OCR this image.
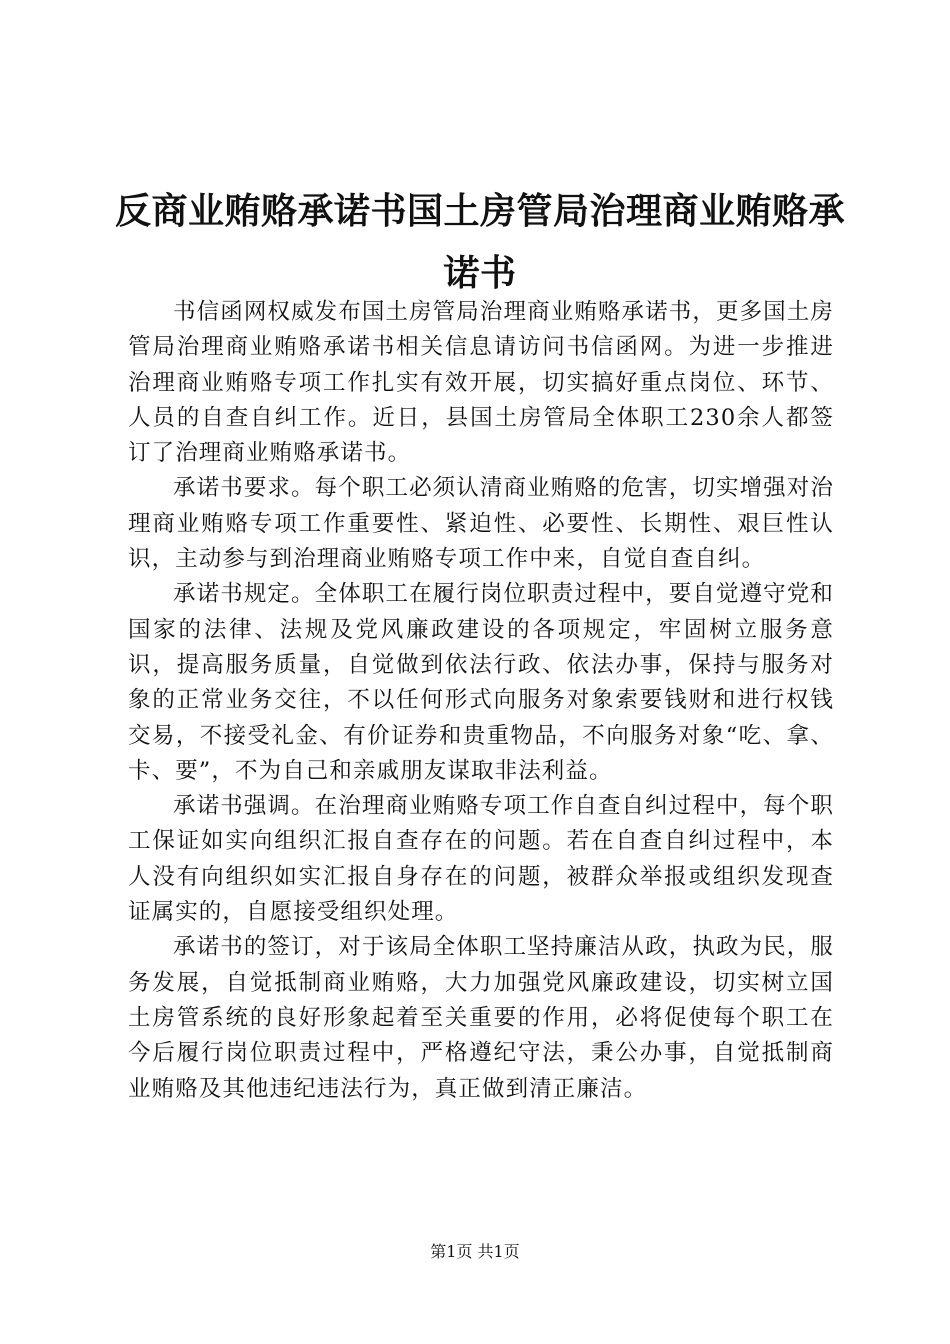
反商业贿赂承诺书国土房管局治理商业贿赂承诺书

书信函网权威发布国土房管局治理商业贿赂承诺书，更多国土房管局治理商业贿赂承诺书相关信息请访问书信函网。为进一步推进治理商业贿赂专项工作扎实有效开展，切实搞好重点岗位、环节、人员的自查自纠工作。近日，县国土房管局全体职工230余人都签订了治理商业贿赂承诺书。

承诺书要求。每个职工必须认清商业贿赂的危害，切实增强对治理商业贿赂专项工作重要性、紧迫性、必要性、长期性、艰巨性认识，主动参与到治理商业贿赂专项工作中来，自觉自查自纠。

承诺书规定。全体职工在履行岗位职责过程中，要自觉遵守党和国家的法律、法规及党风廉政建设的各项规定，牢固树立服务意识，提高服务质量，自觉做到依法行政、依法办事，保持与服务对象的正常业务交往，不以任何形式向服务对象索要钱财和进行权钱交易，不接受礼金、有价证券和贵重物品，不向服务对象“吃、拿、卡、要”，不为自己和亲戚朋友谋取非法利益。

承诺书强调。在治理商业贿赂专项工作自查自纠过程中，每个职工保证如实向组织汇报自查存在的问题。若在自查自纠过程中，本人没有向组织如实汇报自身存在的问题，被群众举报或组织发现查证属实的，自愿接受组织处理。

承诺书的签订，对于该局全体职工坚持廉洁从政，执政为民，服务发展，自觉抵制商业贿赂，大力加强党风廉政建设，切实树立国土房管系统的良好形象起着至关重要的作用，必将促使每个职工在今后履行岗位职责过程中，严格遵纪守法，秉公办事，自觉抵制商业贿赂及其他违纪违法行为，真正做到清正廉洁。

第1页 共1页
